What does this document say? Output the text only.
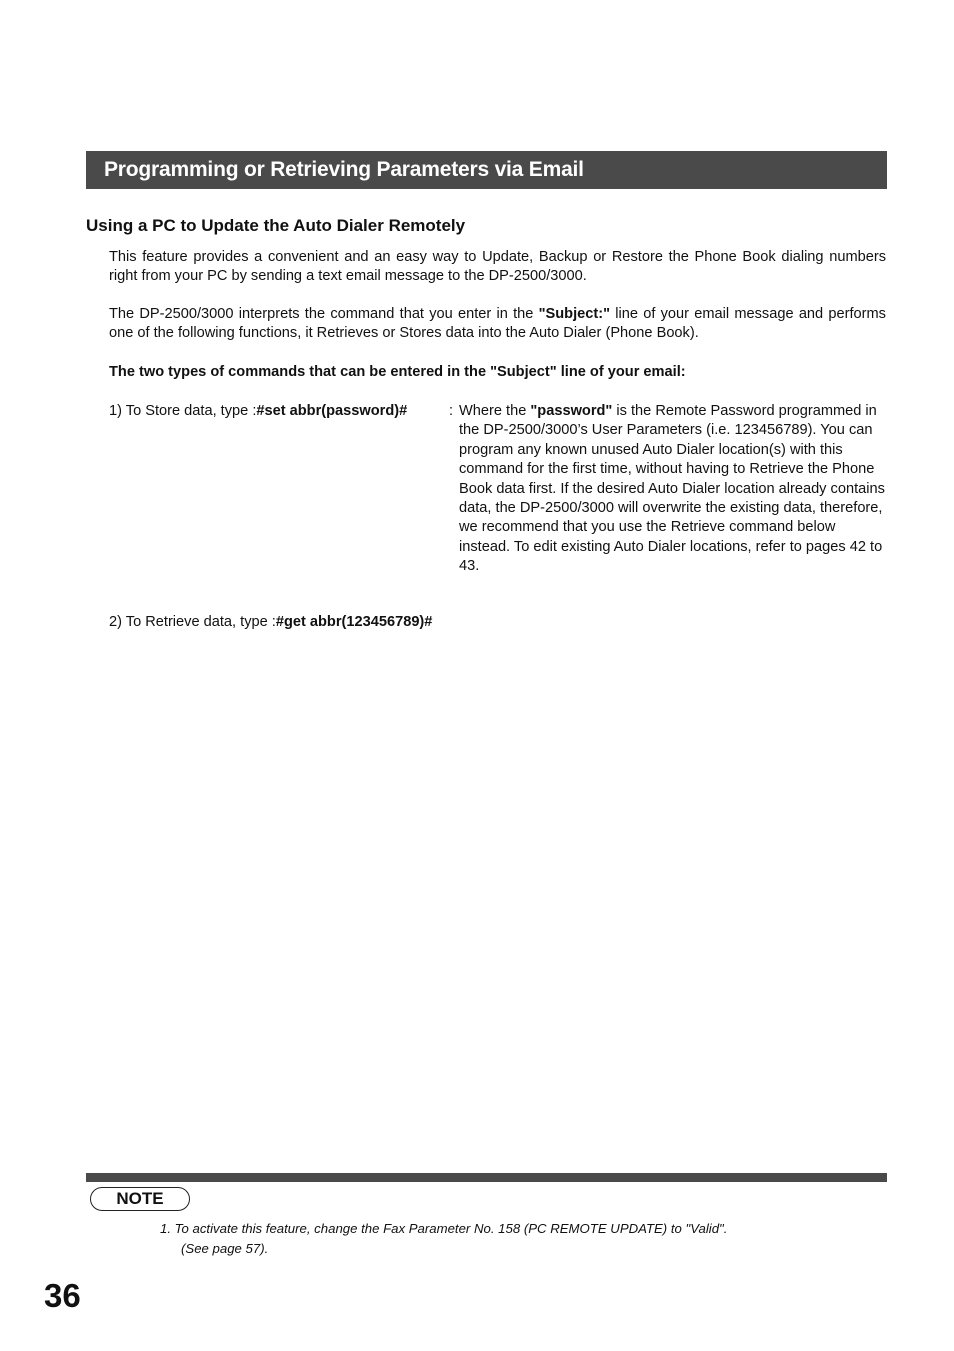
Programming or Retrieving Parameters via Email
Using a PC to Update the Auto Dialer Remotely

This feature provides a convenient and an easy way to Update, Backup or Restore the Phone Book dialing numbers right from your PC by sending a text email message to the DP-2500/3000.

The DP-2500/3000 interprets the command that you enter in the "Subject:" line of your email message and performs one of the following functions, it Retrieves or Stores data into the Auto Dialer (Phone Book).

The two types of commands that can be entered in the "Subject" line of your email:

1) To Store data, type :#set abbr(password)#	: Where the "password" is the Remote Password programmed in the DP-2500/3000’s User Parameters (i.e. 123456789). You can program any known unused Auto Dialer location(s) with this command for the first time, without having to Retrieve the Phone Book data first. If the desired Auto Dialer location already contains data, the DP-2500/3000 will overwrite the existing data, therefore, we recommend that you use the Retrieve command below instead. To edit existing Auto Dialer locations, refer to pages 42 to 43.

2) To Retrieve data, type :#get abbr(123456789)#
NOTE
1. To activate this feature, change the Fax Parameter No. 158 (PC REMOTE UPDATE) to "Valid".
(See page 57).
36
